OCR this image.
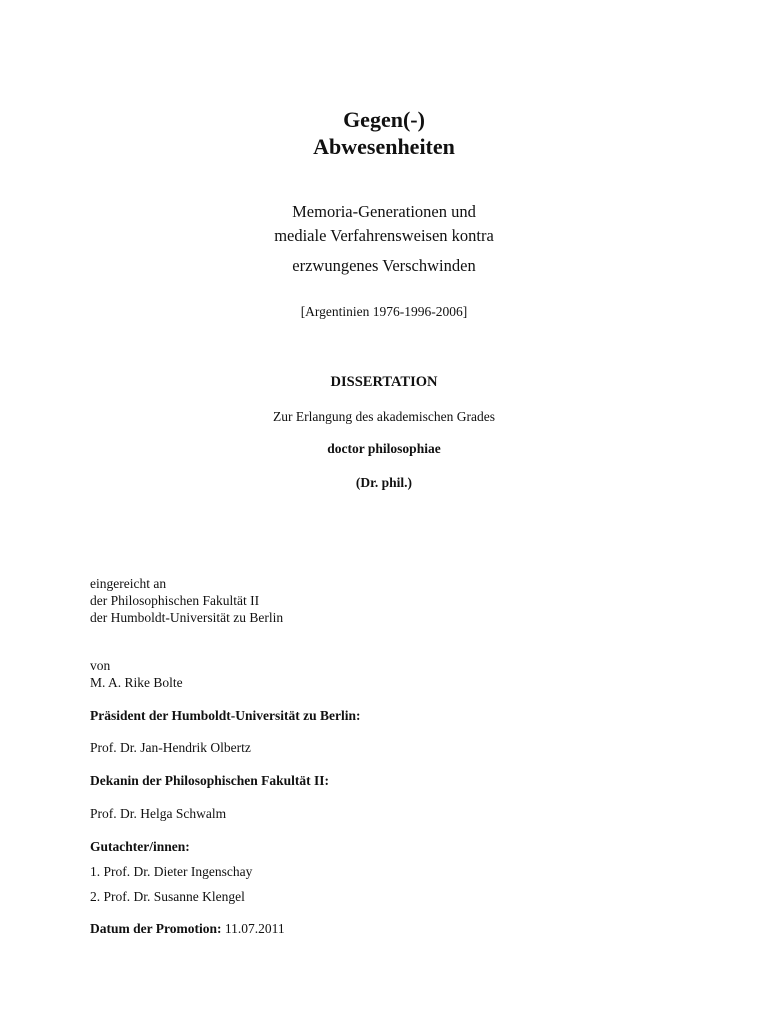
Gegen(-)
Abwesenheiten
Memoria-Generationen und
mediale Verfahrensweisen kontra
erzwungenes Verschwinden
[Argentinien 1976-1996-2006]
DISSERTATION
Zur Erlangung des akademischen Grades
doctor philosophiae
(Dr. phil.)
eingereicht an
der Philosophischen Fakultät II
der Humboldt-Universität zu Berlin
von
M. A. Rike Bolte
Präsident der Humboldt-Universität zu Berlin:
Prof. Dr. Jan-Hendrik Olbertz
Dekanin der Philosophischen Fakultät II:
Prof. Dr. Helga Schwalm
Gutachter/innen:
1. Prof. Dr. Dieter Ingenschay
2. Prof. Dr. Susanne Klengel
Datum der Promotion: 11.07.2011
